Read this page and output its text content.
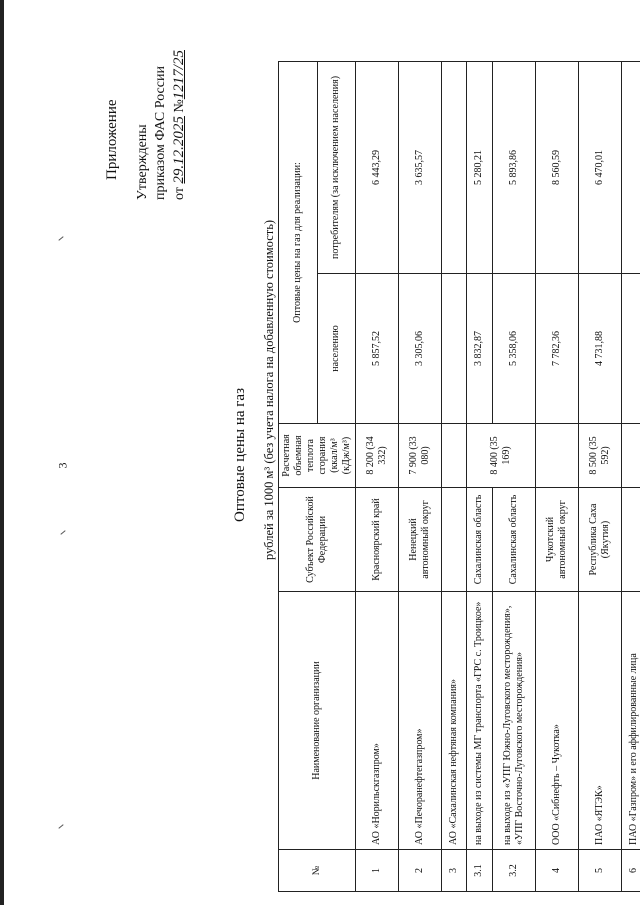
3
Приложение Утверждены приказом ФАС России от 29.12.2025 №1217/25
Оптовые цены на газ рублей за 1000 м³ (без учета налога на добавленную стоимость)
№	Наименование организации	Субъект Российской Федерации	Расчетная объемная теплота сгорания (ккал/м³ (кДж/м³)	Оптовые цены на газ для реализации:	
				населению	потребителям (за исключением населения)
1	АО «Норильскгазпром»	Красноярский край	8 200 (34 332)	5 857,52	6 443,29
2	АО «Печоранефтегазпром»	Ненецкий автономный округ	7 900 (33 080)	3 305,06	3 635,57
3	АО «Сахалинская нефтяная компания»				
3.1	на выходе из системы МГ транспорта «ГРС с. Троицкое»	Сахалинская область	8 400 (35 169)	3 832,87	5 280,21
3.2	на выходе из «УПГ Южно-Луговского месторождения», «УПГ Восточно-Луговского месторождения»	Сахалинская область		5 358,06	5 893,86
4	ООО «Сибнефть – Чукотка»	Чукотский автономный округ		7 782,36	8 560,59
5	ПАО «ЯТЭК»	Республика Саха (Якутия)	8 500 (35 592)	4 731,88	6 470,01
6	ПАО «Газпром» и его аффилированные лица				
